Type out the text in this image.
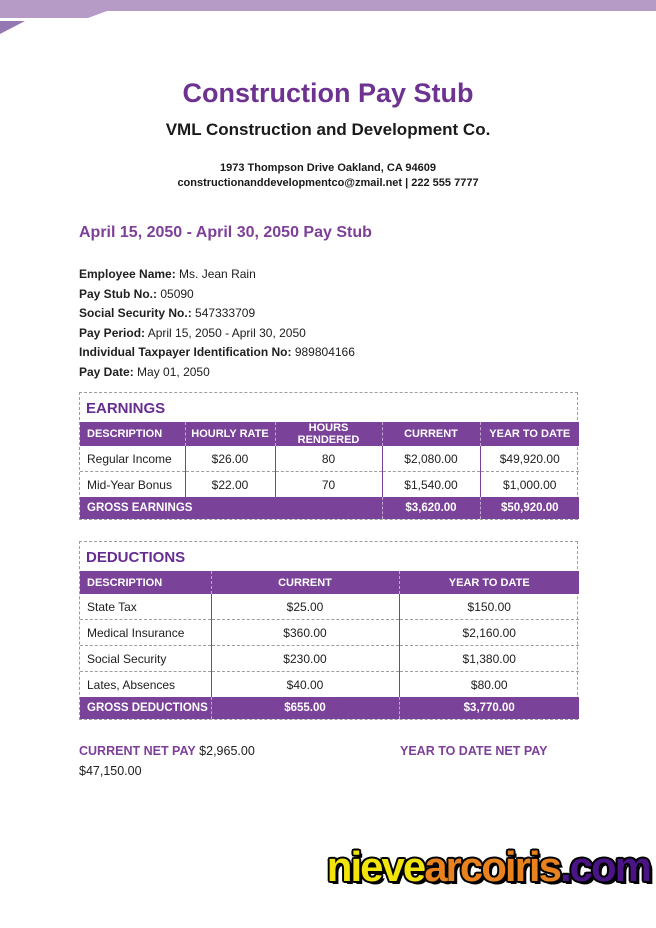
Construction Pay Stub
VML Construction and Development Co.
1973 Thompson Drive Oakland, CA 94609
constructionanddevelopmentco@zmail.net | 222 555 7777
April 15, 2050 - April 30, 2050 Pay Stub
Employee Name: Ms. Jean Rain
Pay Stub No.: 05090
Social Security No.: 547333709
Pay Period: April 15, 2050 - April 30, 2050
Individual Taxpayer Identification No: 989804166
Pay Date: May 01, 2050
EARNINGS
DESCRIPTION	HOURLY RATE	HOURS RENDERED	CURRENT	YEAR TO DATE
Regular Income	$26.00	80	$2,080.00	$49,920.00
Mid-Year Bonus	$22.00	70	$1,540.00	$1,000.00
GROSS EARNINGS			$3,620.00	$50,920.00
DEDUCTIONS
DESCRIPTION	CURRENT	YEAR TO DATE
State Tax	$25.00	$150.00
Medical Insurance	$360.00	$2,160.00
Social Security	$230.00	$1,380.00
Lates, Absences	$40.00	$80.00
GROSS DEDUCTIONS	$655.00	$3,770.00
CURRENT NET PAY $2,965.00	YEAR TO DATE NET PAY
$47,150.00
nievearcoiris.com
